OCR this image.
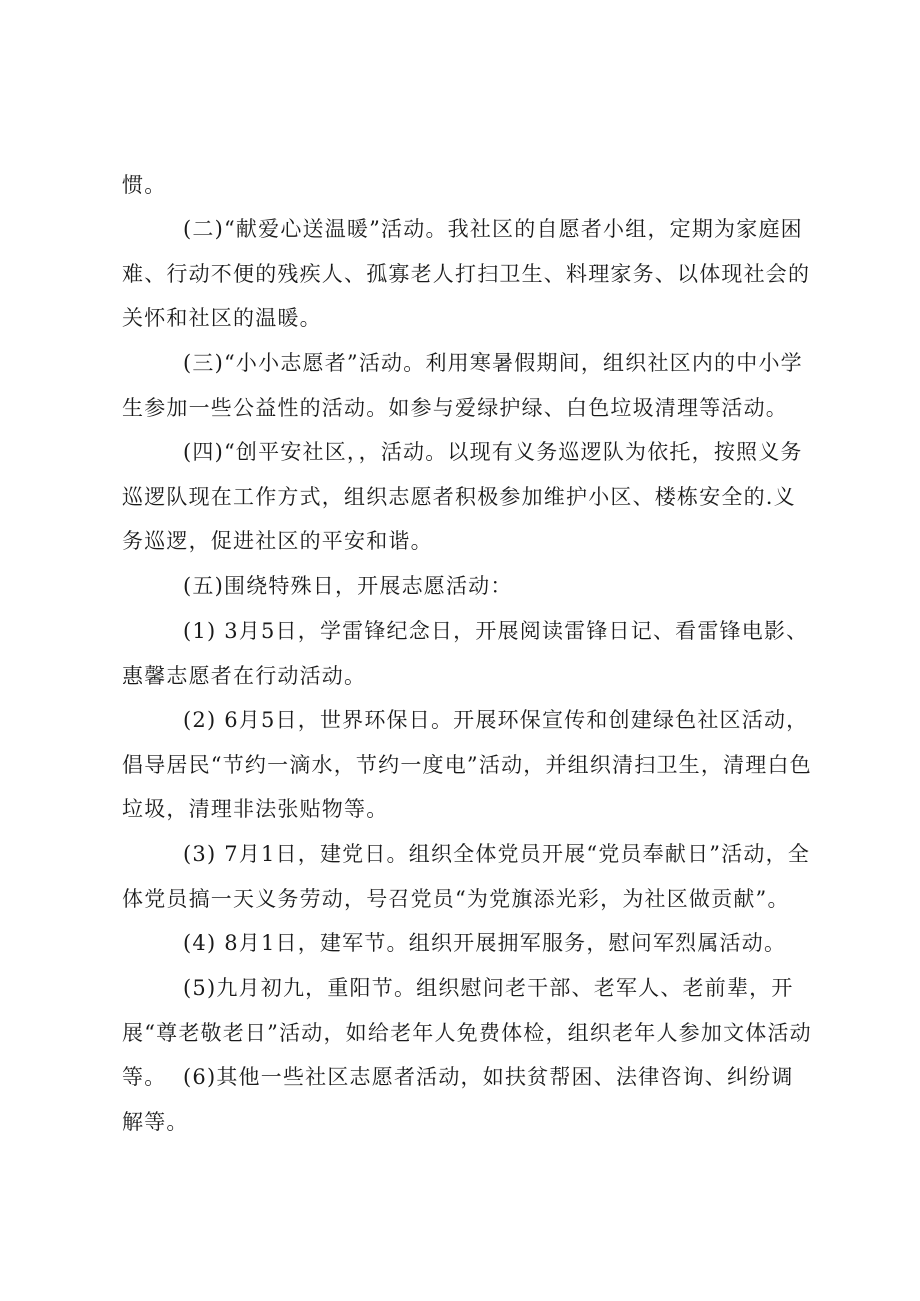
惯。

(二)“献爱心送温暖”活动。我社区的自愿者小组，定期为家庭困难、行动不便的残疾人、孤寡老人打扫卫生、料理家务、以体现社会的关怀和社区的温暖。

(三)“小小志愿者”活动。利用寒暑假期间，组织社区内的中小学生参加一些公益性的活动。如参与爱绿护绿、白色垃圾清理等活动。

(四)“创平安社区，，活动。以现有义务巡逻队为依托，按照义务巡逻队现在工作方式，组织志愿者积极参加维护小区、楼栋安全的.义务巡逻，促进社区的平安和谐。

(五)围绕特殊日，开展志愿活动：

(1) 3月5日，学雷锋纪念日，开展阅读雷锋日记、看雷锋电影、惠馨志愿者在行动活动。

(2) 6月5日，世界环保日。开展环保宣传和创建绿色社区活动，倡导居民“节约一滴水，节约一度电”活动，并组织清扫卫生，清理白色垃圾，清理非法张贴物等。

(3) 7月1日，建党日。组织全体党员开展“党员奉献日”活动，全体党员搞一天义务劳动，号召党员“为党旗添光彩，为社区做贡献”。

(4) 8月1日，建军节。组织开展拥军服务，慰问军烈属活动。

(5)九月初九，重阳节。组织慰问老干部、老军人、老前辈，开展“尊老敬老日”活动，如给老年人免费体检，组织老年人参加文体活动等。 (6)其他一些社区志愿者活动，如扶贫帮困、法律咨询、纠纷调解等。
